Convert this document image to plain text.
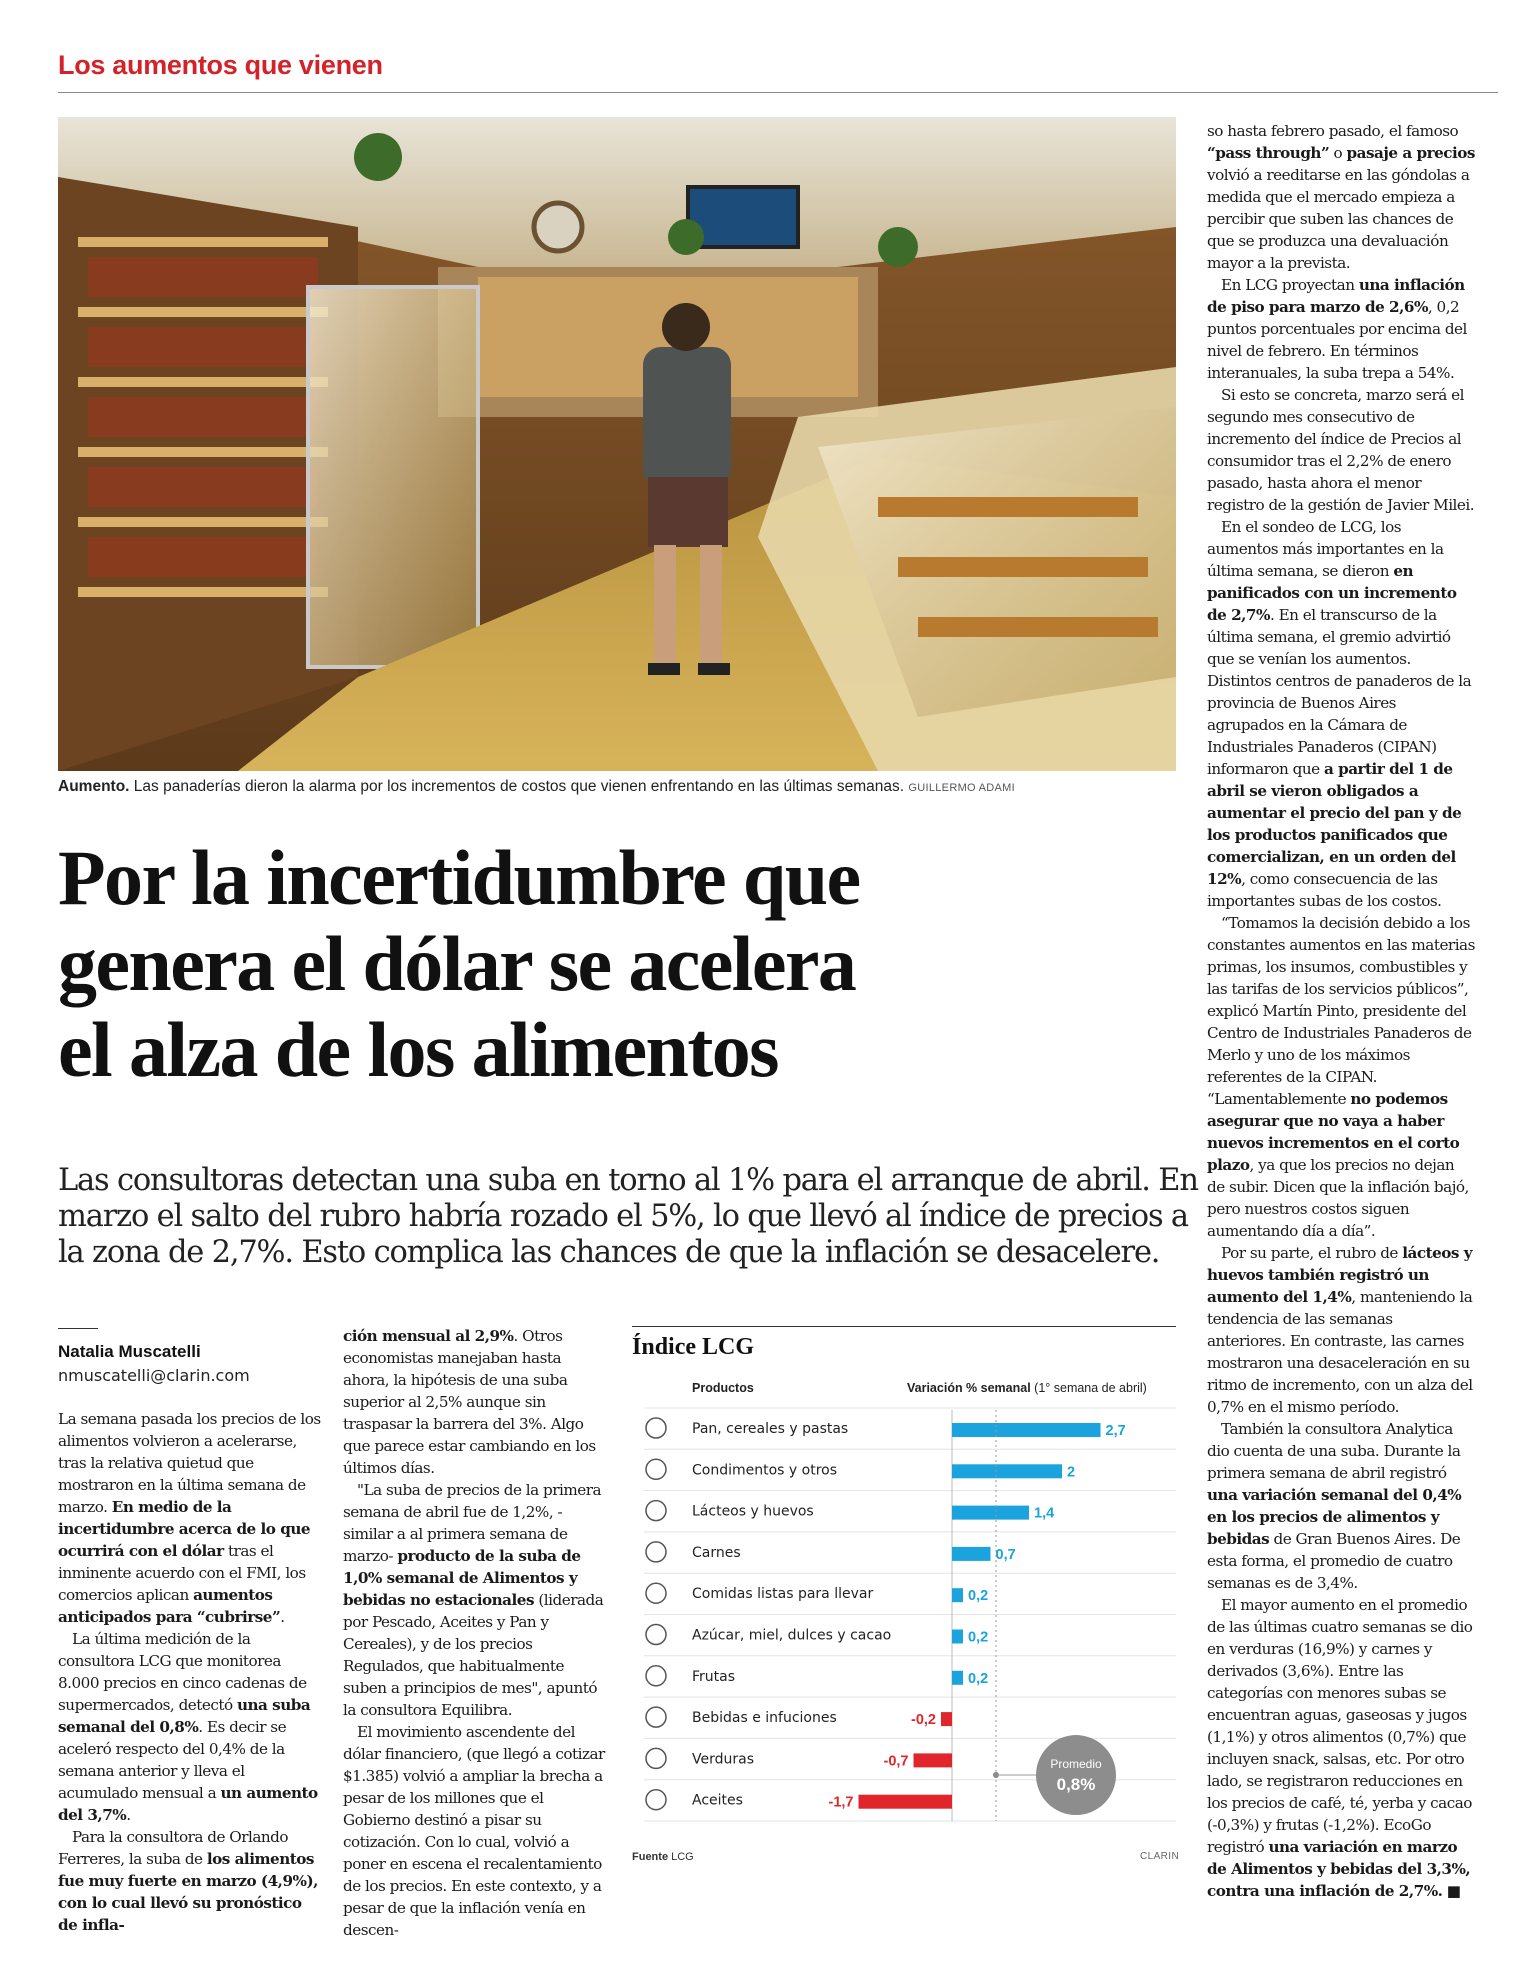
Los aumentos que vienen
Aumento. Las panaderías dieron la alarma por los incrementos de costos que vienen enfrentando en las últimas semanas. GUILLERMO ADAMI
Por la incertidumbre que
genera el dólar se acelera
el alza de los alimentos
Las consultoras detectan una suba en torno al 1% para el arranque de abril. En
marzo el salto del rubro habría rozado el 5%, lo que llevó al índice de precios a
la zona de 2,7%. Esto complica las chances de que la inflación se desacelere.
Natalia Muscatelli
nmuscatelli@clarin.com

La semana pasada los precios de los alimentos volvieron a acelerarse, tras la relativa quietud que mostraron en la última semana de marzo. En medio de la incertidumbre acerca de lo que ocurrirá con el dólar tras el inminente acuerdo con el FMI, los comercios aplican aumentos anticipados para “cubrirse”.

La última medición de la consultora LCG que monitorea 8.000 precios en cinco cadenas de supermercados, detectó una suba semanal del 0,8%. Es decir se aceleró respecto del 0,4% de la semana anterior y lleva el acumulado mensual a un aumento del 3,7%.

Para la consultora de Orlando Ferreres, la suba de los alimentos fue muy fuerte en marzo (4,9%), con lo cual llevó su pronóstico de infla-

ción mensual al 2,9%. Otros economistas manejaban hasta ahora, la hipótesis de una suba superior al 2,5% aunque sin traspasar la barrera del 3%. Algo que parece estar cambiando en los últimos días.

"La suba de precios de la primera semana de abril fue de 1,2%, -similar a al primera semana de marzo- producto de la suba de 1,0% semanal de Alimentos y bebidas no estacionales (liderada por Pescado, Aceites y Pan y Cereales), y de los precios Regulados, que habitualmente suben a principios de mes", apuntó la consultora Equilibra.

El movimiento ascendente del dólar financiero, (que llegó a cotizar $1.385) volvió a ampliar la brecha a pesar de los millones que el Gobierno destinó a pisar su cotización. Con lo cual, volvió a poner en escena el recalentamiento de los precios. En este contexto, y a pesar de que la inflación venía en descen-

so hasta febrero pasado, el famoso “pass through” o pasaje a precios volvió a reeditarse en las góndolas a medida que el mercado empieza a percibir que suben las chances de que se produzca una devaluación mayor a la prevista.

En LCG proyectan una inflación de piso para marzo de 2,6%, 0,2 puntos porcentuales por encima del nivel de febrero. En términos interanuales, la suba trepa a 54%.

Si esto se concreta, marzo será el segundo mes consecutivo de incremento del índice de Precios al consumidor tras el 2,2% de enero pasado, hasta ahora el menor registro de la gestión de Javier Milei.

En el sondeo de LCG, los aumentos más importantes en la última semana, se dieron en panificados con un incremento de 2,7%. En el transcurso de la última semana, el gremio advirtió que se venían los aumentos. Distintos centros de panaderos de la provincia de Buenos Aires agrupados en la Cámara de Industriales Panaderos (CIPAN) informaron que a partir del 1 de abril se vieron obligados a aumentar el precio del pan y de los productos panificados que comercializan, en un orden del 12%, como consecuencia de las importantes subas de los costos.

“Tomamos la decisión debido a los constantes aumentos en las materias primas, los insumos, combustibles y las tarifas de los servicios públicos”, explicó Martín Pinto, presidente del Centro de Industriales Panaderos de Merlo y uno de los máximos referentes de la CIPAN. “Lamentablemente no podemos asegurar que no vaya a haber nuevos incrementos en el corto plazo, ya que los precios no dejan de subir. Dicen que la inflación bajó, pero nuestros costos siguen aumentando día a día”.

Por su parte, el rubro de lácteos y huevos también registró un aumento del 1,4%, manteniendo la tendencia de las semanas anteriores. En contraste, las carnes mostraron una desaceleración en su ritmo de incremento, con un alza del 0,7% en el mismo período.

También la consultora Analytica dio cuenta de una suba. Durante la primera semana de abril registró una variación semanal del 0,4% en los precios de alimentos y bebidas de Gran Buenos Aires. De esta forma, el promedio de cuatro semanas es de 3,4%.

El mayor aumento en el promedio de las últimas cuatro semanas se dio en verduras (16,9%) y carnes y derivados (3,6%). Entre las categorías con menores subas se encuentran aguas, gaseosas y jugos (1,1%) y otros alimentos (0,7%) que incluyen snack, salsas, etc. Por otro lado, se registraron reducciones en los precios de café, té, yerba y cacao (-0,3%) y frutas (-1,2%). EcoGo registró una variación en marzo de Alimentos y bebidas del 3,3%, contra una inflación de 2,7%. ■

Índice LCG
Productos	Variación % semanal (1° semana de abril)
Pan, cereales y pastas	2,7
Condimentos y otros	2
Lácteos y huevos	1,4
Carnes	0,7
Comidas listas para llevar	0,2
Azúcar, miel, dulces y cacao	0,2
Frutas	0,2
Bebidas e infuciones	-0,2
Verduras	-0,7
Aceites	-1,7
Promedio
0,8%
Fuente LCG	CLARIN
